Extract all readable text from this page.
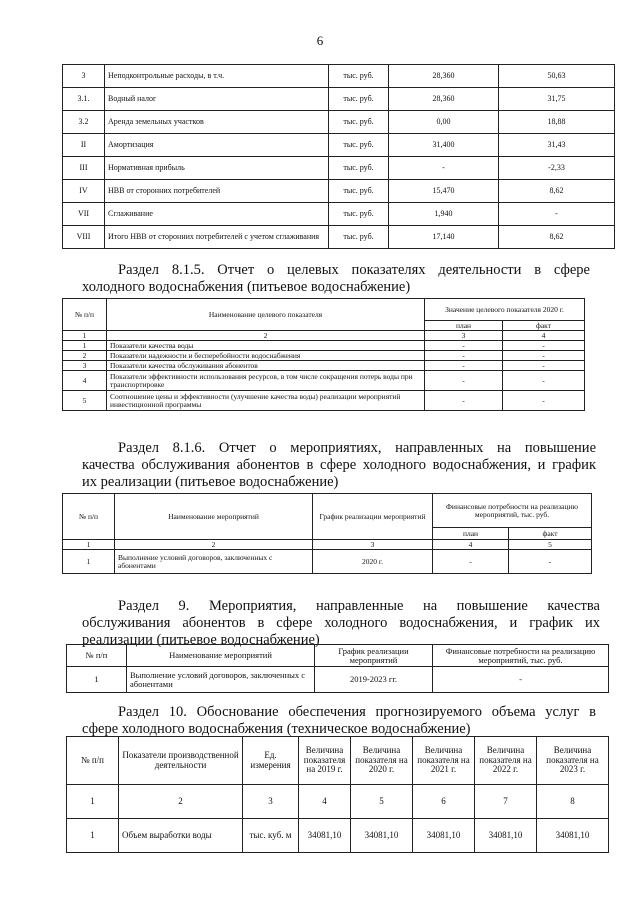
6
3	Неподконтрольные расходы, в т.ч.	тыс. руб.	28,360	50,63
3.1.	Водный налог	тыс. руб.	28,360	31,75
3.2	Аренда земельных участков	тыс. руб.	0,00	18,88
II	Амортизация	тыс. руб.	31,400	31,43
III	Нормативная прибыль	тыс. руб.	-	-2,33
IV	НВВ от сторонних потребителей	тыс. руб.	15,470	8,62
VII	Сглаживание	тыс. руб.	1,940	-
VIII	Итого НВВ от сторонних потребителей с учетом сглаживания	тыс. руб.	17,140	8,62
Раздел 8.1.5. Отчет о целевых показателях деятельности в сфере
холодного водоснабжения (питьевое водоснабжение)
№ п/п	Наименование целевого показателя	Значение целевого показателя 2020 г.	
		план	факт
1	2	3	4
1	Показатели качества воды	-	-
2	Показатели надежности и бесперебойности водоснабжения	-	-
3	Показатели качества обслуживания абонентов	-	-
4	Показатели эффективности использования ресурсов, в том числе сокращения потерь воды при транспортировке	-	-
5	Соотношение цены и эффективности (улучшение качества воды) реализации мероприятий инвестиционной программы	-	-
Раздел 8.1.6. Отчет о мероприятиях, направленных на повышение
качества обслуживания абонентов в сфере холодного водоснабжения, и график
их реализации (питьевое водоснабжение)
№ п/п	Наименование мероприятий	График реализации мероприятий	Финансовые потребности на реализацию мероприятий, тыс. руб.	
			план	факт
1	2	3	4	5
1	Выполнение условий договоров, заключенных с абонентами	2020 г.	-	-
Раздел 9. Мероприятия, направленные на повышение качества
обслуживания абонентов в сфере холодного водоснабжения, и график их
реализации (питьевое водоснабжение)
№ п/п	Наименование мероприятий	График реализации мероприятий	Финансовые потребности на реализацию мероприятий, тыс. руб.
1	Выполнение условий договоров, заключенных с абонентами	2019-2023 гг.	-
Раздел 10. Обоснование обеспечения прогнозируемого объема услуг в
сфере холодного водоснабжения (техническое водоснабжение)
№ п/п	Показатели производственной деятельности	Ед. измерения	Величина показателя на 2019 г.	Величина показателя на 2020 г.	Величина показателя на 2021 г.	Величина показателя на 2022 г.	Величина показателя на 2023 г.
1	2	3	4	5	6	7	8
1	Объем выработки воды	тыс. куб. м	34081,10	34081,10	34081,10	34081,10	34081,10
